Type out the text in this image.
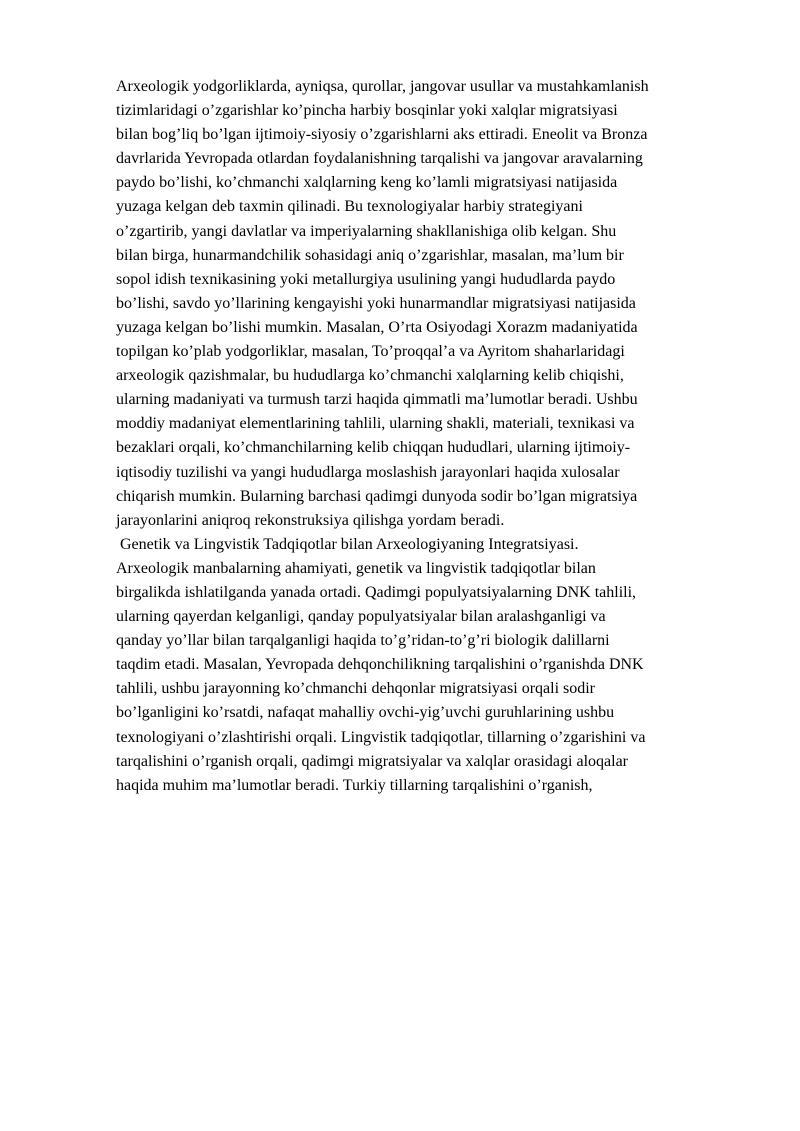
Arxeologik yodgorliklarda, ayniqsa, qurollar, jangovar usullar va mustahkamlanish
tizimlaridagi o’zgarishlar ko’pincha harbiy bosqinlar yoki xalqlar migratsiyasi
bilan bog’liq bo’lgan ijtimoiy-siyosiy o’zgarishlarni aks ettiradi. Eneolit va Bronza
davrlarida Yevropada otlardan foydalanishning tarqalishi va jangovar aravalarning
paydo bo’lishi, ko’chmanchi xalqlarning keng ko’lamli migratsiyasi natijasida
yuzaga kelgan deb taxmin qilinadi. Bu texnologiyalar harbiy strategiyani
o’zgartirib, yangi davlatlar va imperiyalarning shakllanishiga olib kelgan. Shu
bilan birga, hunarmandchilik sohasidagi aniq o’zgarishlar, masalan, ma’lum bir
sopol idish texnikasining yoki metallurgiya usulining yangi hududlarda paydo
bo’lishi, savdo yo’llarining kengayishi yoki hunarmandlar migratsiyasi natijasida
yuzaga kelgan bo’lishi mumkin. Masalan, O’rta Osiyodagi Xorazm madaniyatida
topilgan ko’plab yodgorliklar, masalan, To’proqqal’a va Ayritom shaharlaridagi
arxeologik qazishmalar, bu hududlarga ko’chmanchi xalqlarning kelib chiqishi,
ularning madaniyati va turmush tarzi haqida qimmatli ma’lumotlar beradi. Ushbu
moddiy madaniyat elementlarining tahlili, ularning shakli, materiali, texnikasi va
bezaklari orqali, ko’chmanchilarning kelib chiqqan hududlari, ularning ijtimoiy-
iqtisodiy tuzilishi va yangi hududlarga moslashish jarayonlari haqida xulosalar
chiqarish mumkin. Bularning barchasi qadimgi dunyoda sodir bo’lgan migratsiya
jarayonlarini aniqroq rekonstruksiya qilishga yordam beradi.
Genetik va Lingvistik Tadqiqotlar bilan Arxeologiyaning Integratsiyasi.
Arxeologik manbalarning ahamiyati, genetik va lingvistik tadqiqotlar bilan
birgalikda ishlatilganda yanada ortadi. Qadimgi populyatsiyalarning DNK tahlili,
ularning qayerdan kelganligi, qanday populyatsiyalar bilan aralashganligi va
qanday yo’llar bilan tarqalganligi haqida to’g’ridan-to’g’ri biologik dalillarni
taqdim etadi. Masalan, Yevropada dehqonchilikning tarqalishini o’rganishda DNK
tahlili, ushbu jarayonning ko’chmanchi dehqonlar migratsiyasi orqali sodir
bo’lganligini ko’rsatdi, nafaqat mahalliy ovchi-yig’uvchi guruhlarining ushbu
texnologiyani o’zlashtirishi orqali. Lingvistik tadqiqotlar, tillarning o’zgarishini va
tarqalishini o’rganish orqali, qadimgi migratsiyalar va xalqlar orasidagi aloqalar
haqida muhim ma’lumotlar beradi. Turkiy tillarning tarqalishini o’rganish,
